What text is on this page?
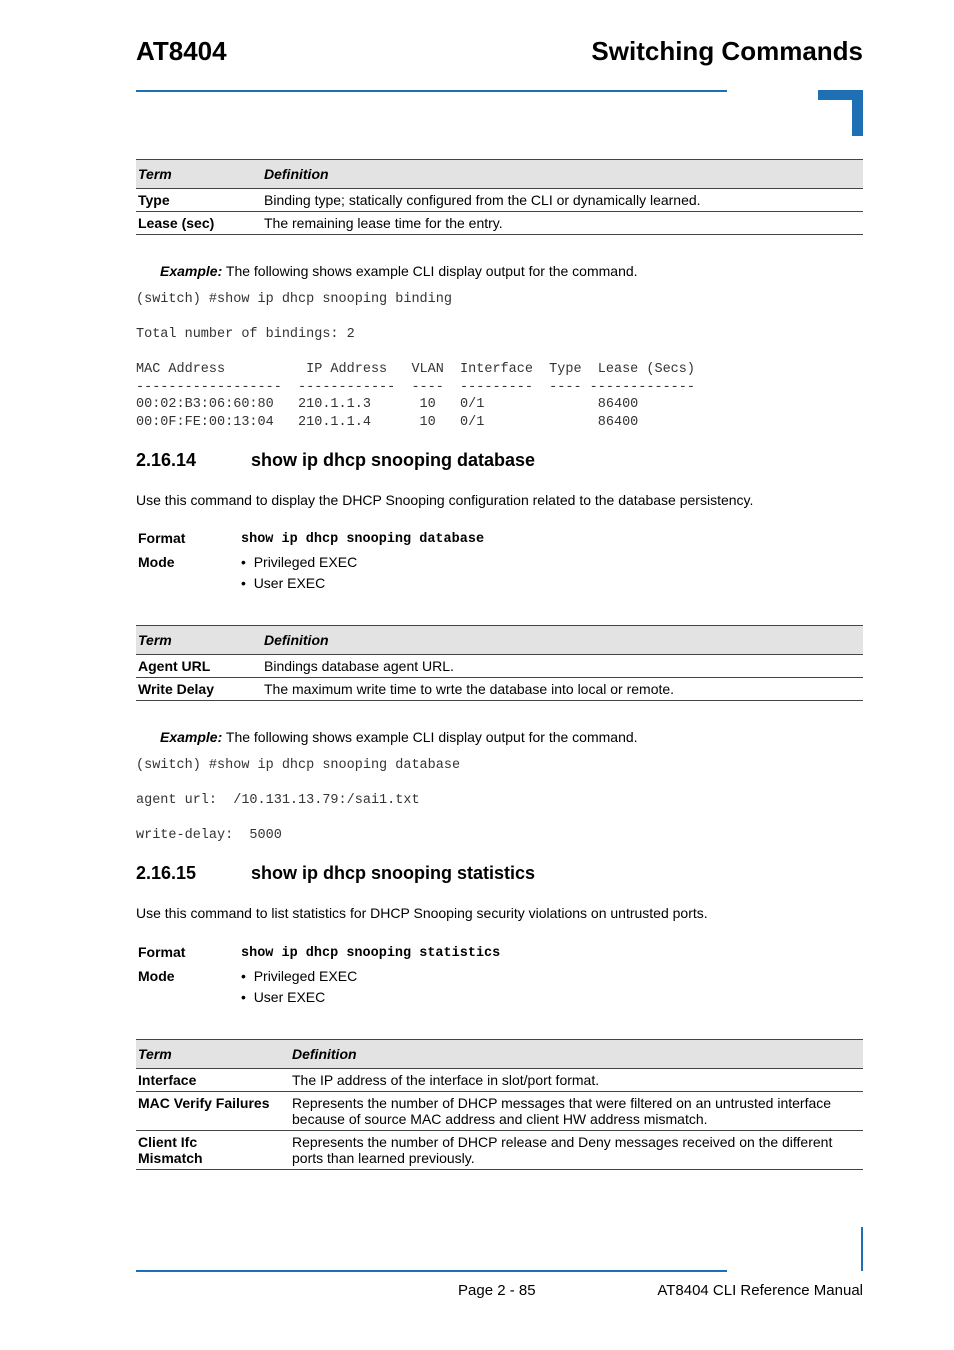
AT8404	Switching Commands
Term	Definition
Type	Binding type; statically configured from the CLI or dynamically learned.
Lease (sec)	The remaining lease time for the entry.
Example: The following shows example CLI display output for the command.
(switch) #show ip dhcp snooping binding

Total number of bindings: 2

MAC Address          IP Address   VLAN  Interface  Type  Lease (Secs)
------------------  ------------  ----  ---------  ---- -------------
00:02:B3:06:60:80   210.1.1.3      10   0/1              86400
00:0F:FE:00:13:04   210.1.1.4      10   0/1              86400
2.16.14	show ip dhcp snooping database
Use this command to display the DHCP Snooping configuration related to the database persistency.
Format	show ip dhcp snooping database
Mode	•  Privileged EXEC
•  User EXEC
Term	Definition
Agent URL	Bindings database agent URL.
Write Delay	The maximum write time to wrte the database into local or remote.
Example: The following shows example CLI display output for the command.
(switch) #show ip dhcp snooping database

agent url:  /10.131.13.79:/sai1.txt

write-delay:  5000
2.16.15	show ip dhcp snooping statistics
Use this command to list statistics for DHCP Snooping security violations on untrusted ports.
Format	show ip dhcp snooping statistics
Mode	•  Privileged EXEC
•  User EXEC
Term	Definition
Interface	The IP address of the interface in slot/port format.
MAC Verify Failures	Represents the number of DHCP messages that were filtered on an untrusted interface because of source MAC address and client HW address mismatch.
Client Ifc Mismatch	Represents the number of DHCP release and Deny messages received on the different ports than learned previously.
Page 2 - 85	AT8404 CLI Reference Manual
